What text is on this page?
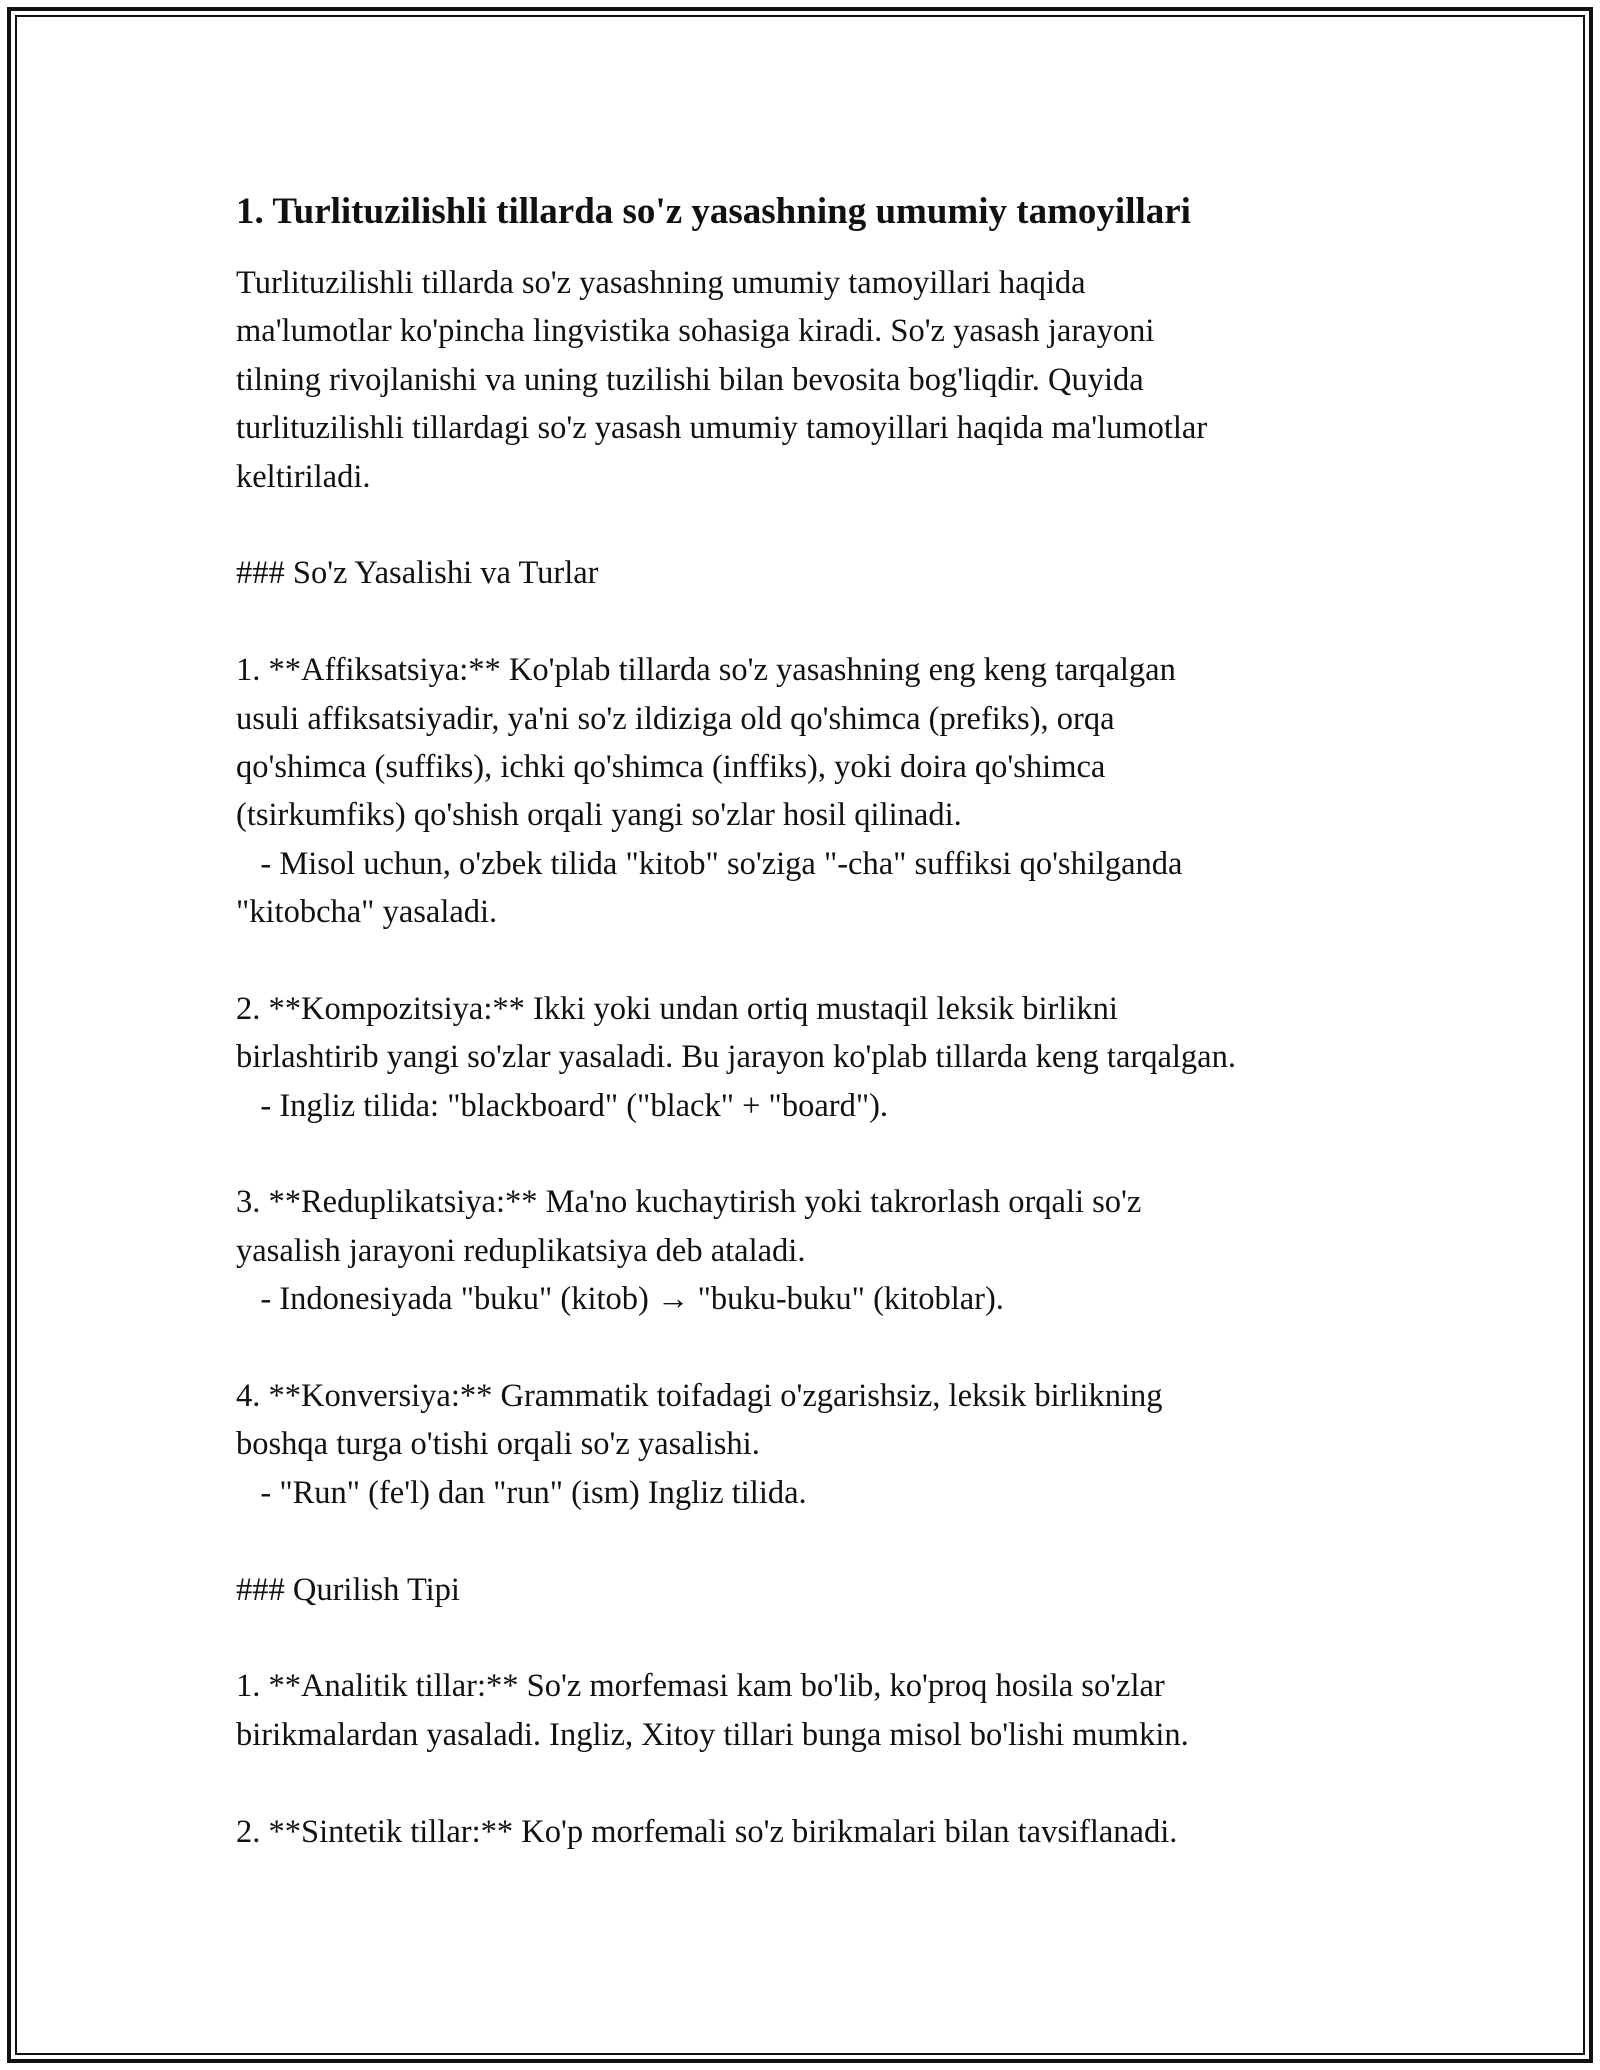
1. Turlituzilishli tillarda so'z yasashning umumiy tamoyillari
Turlituzilishli tillarda so'z yasashning umumiy tamoyillari haqida
ma'lumotlar ko'pincha lingvistika sohasiga kiradi. So'z yasash jarayoni
tilning rivojlanishi va uning tuzilishi bilan bevosita bog'liqdir. Quyida
turlituzilishli tillardagi so'z yasash umumiy tamoyillari haqida ma'lumotlar
keltiriladi.
### So'z Yasalishi va Turlar
1. **Affiksatsiya:** Ko'plab tillarda so'z yasashning eng keng tarqalgan
usuli affiksatsiyadir, ya'ni so'z ildiziga old qo'shimca (prefiks), orqa
qo'shimca (suffiks), ichki qo'shimca (inffiks), yoki doira qo'shimca
(tsirkumfiks) qo'shish orqali yangi so'zlar hosil qilinadi.
- Misol uchun, o'zbek tilida "kitob" so'ziga "-cha" suffiksi qo'shilganda
"kitobcha" yasaladi.
2. **Kompozitsiya:** Ikki yoki undan ortiq mustaqil leksik birlikni
birlashtirib yangi so'zlar yasaladi. Bu jarayon ko'plab tillarda keng tarqalgan.
- Ingliz tilida: "blackboard" ("black" + "board").
3. **Reduplikatsiya:** Ma'no kuchaytirish yoki takrorlash orqali so'z
yasalish jarayoni reduplikatsiya deb ataladi.
- Indonesiyada "buku" (kitob) → "buku-buku" (kitoblar).
4. **Konversiya:** Grammatik toifadagi o'zgarishsiz, leksik birlikning
boshqa turga o'tishi orqali so'z yasalishi.
- "Run" (fe'l) dan "run" (ism) Ingliz tilida.
### Qurilish Tipi
1. **Analitik tillar:** So'z morfemasi kam bo'lib, ko'proq hosila so'zlar
birikmalardan yasaladi. Ingliz, Xitoy tillari bunga misol bo'lishi mumkin.
2. **Sintetik tillar:** Ko'p morfemali so'z birikmalari bilan tavsiflanadi.
